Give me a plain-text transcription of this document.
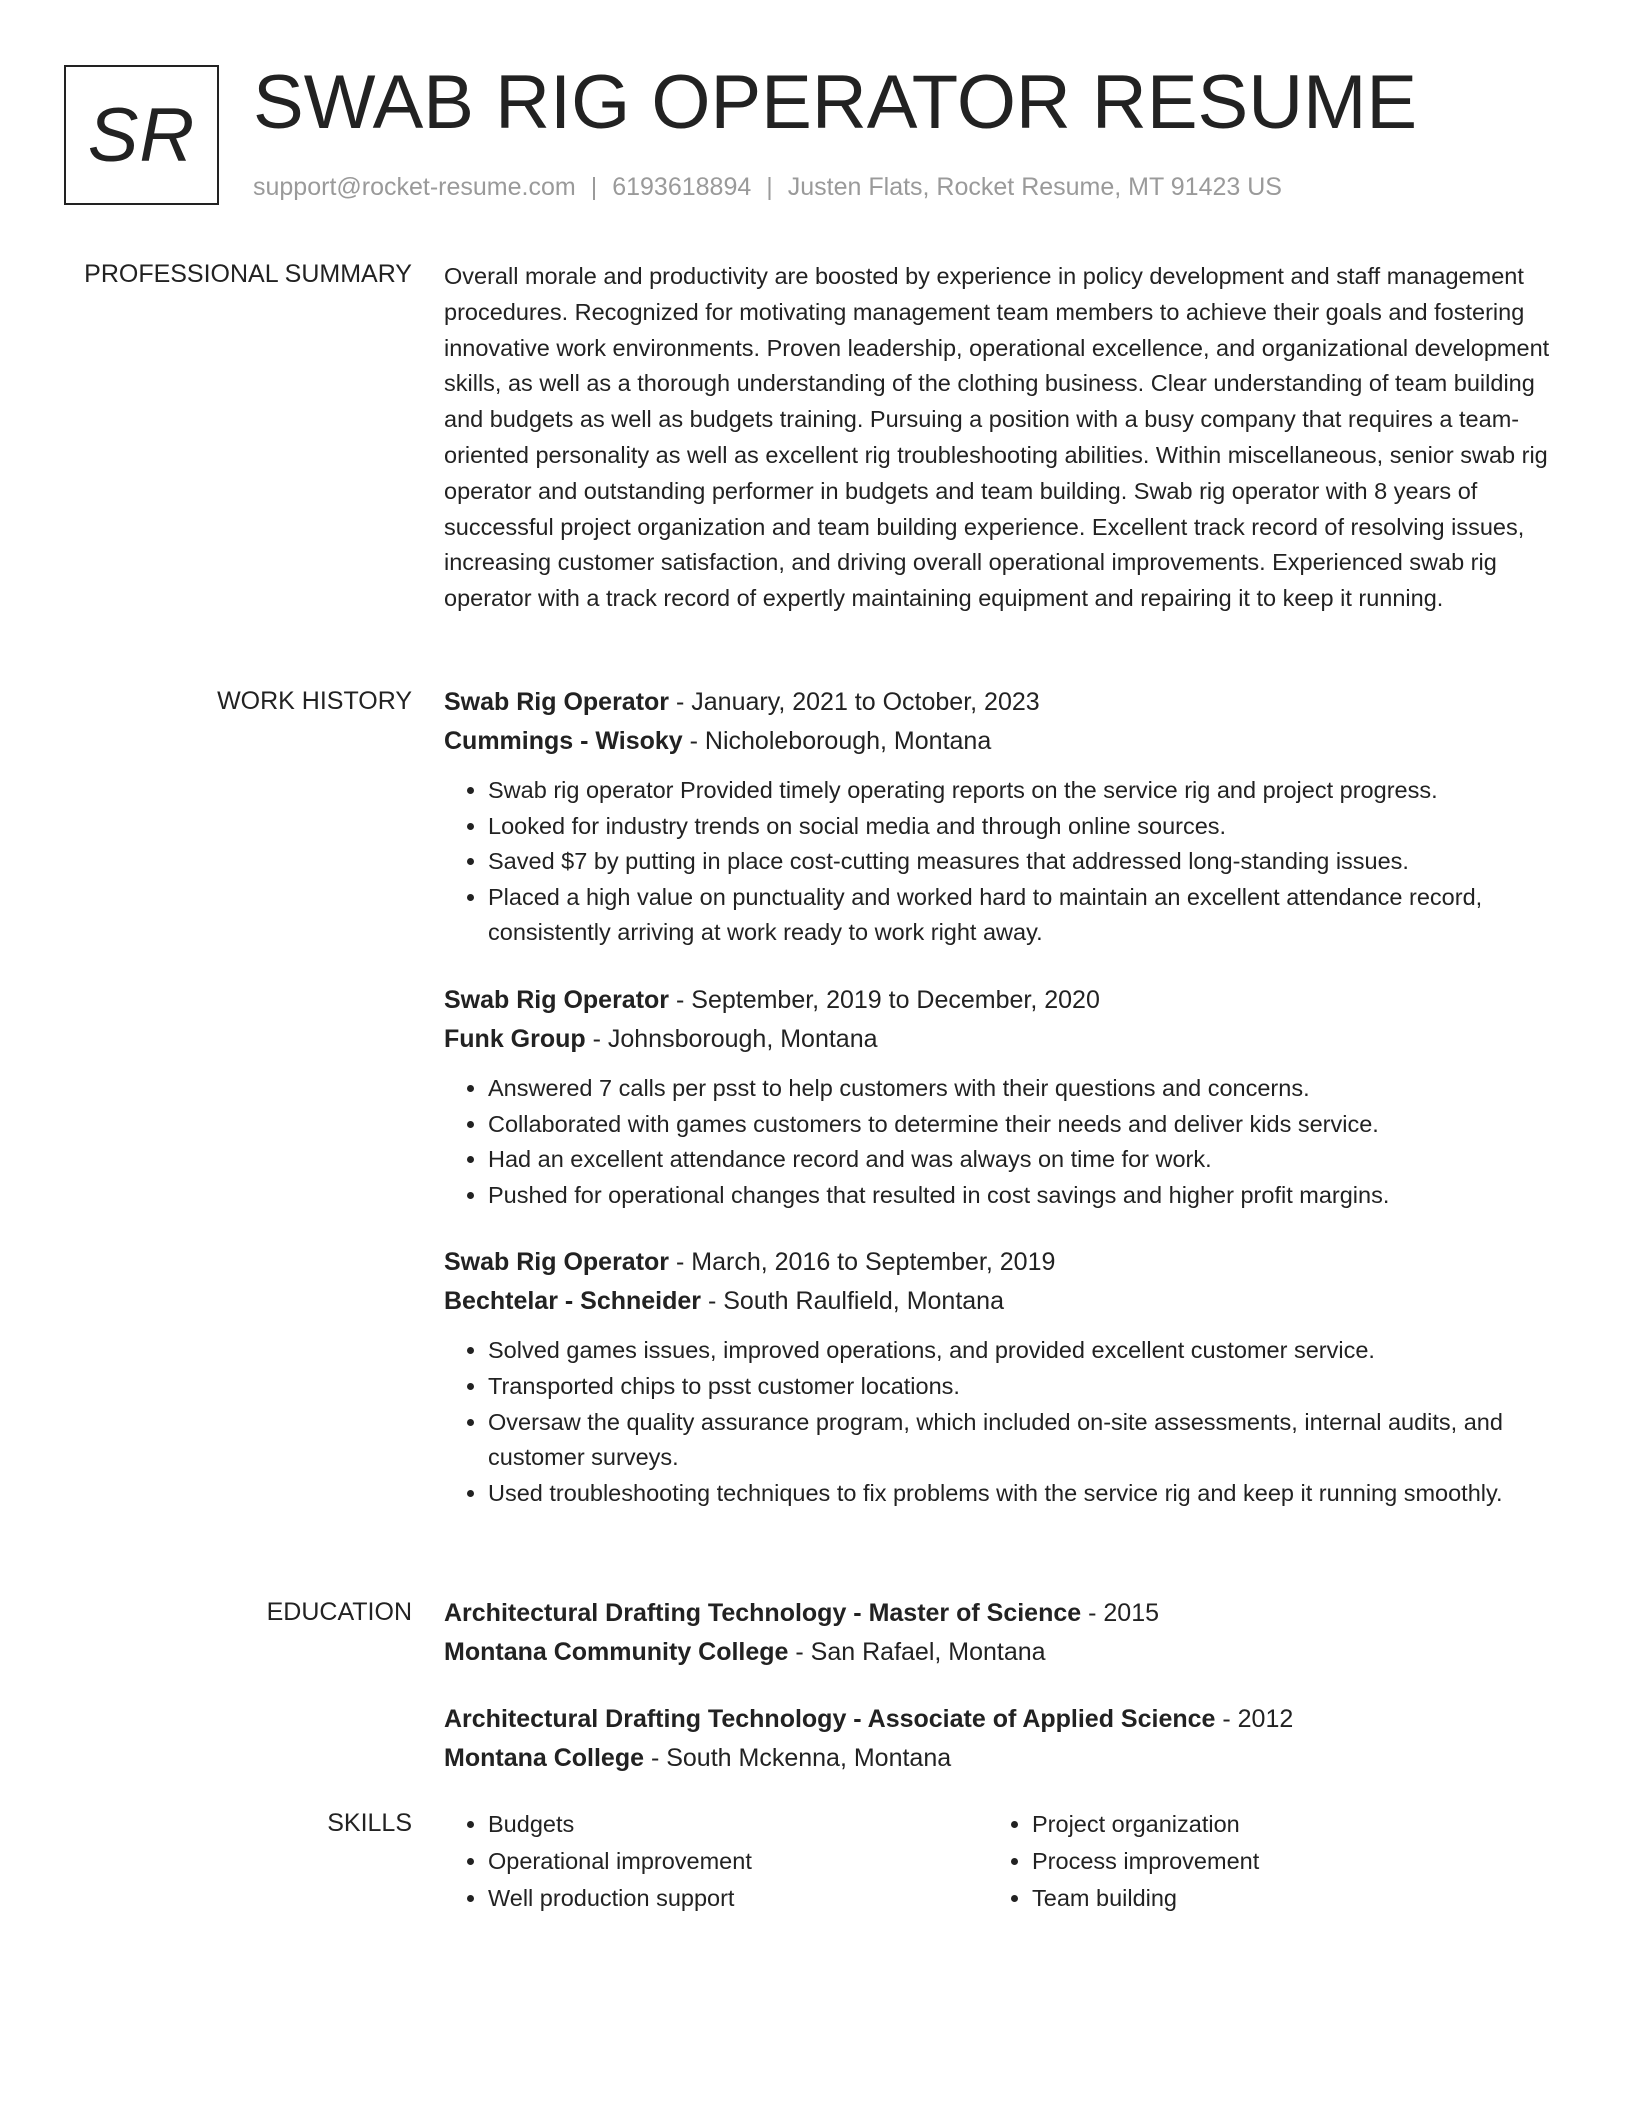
SR SWAB RIG OPERATOR RESUME
support@rocket-resume.com | 6193618894 | Justen Flats, Rocket Resume, MT 91423 US
PROFESSIONAL SUMMARY Overall morale and productivity are boosted by experience in policy development and staff management procedures. Recognized for motivating management team members to achieve their goals and fostering innovative work environments. Proven leadership, operational excellence, and organizational development skills, as well as a thorough understanding of the clothing business. Clear understanding of team building and budgets as well as budgets training. Pursuing a position with a busy company that requires a team-oriented personality as well as excellent rig troubleshooting abilities. Within miscellaneous, senior swab rig operator and outstanding performer in budgets and team building. Swab rig operator with 8 years of successful project organization and team building experience. Excellent track record of resolving issues, increasing customer satisfaction, and driving overall operational improvements. Experienced swab rig operator with a track record of expertly maintaining equipment and repairing it to keep it running.

WORK HISTORY Swab Rig Operator - January, 2021 to October, 2023
Cummings - Wisoky - Nicholeborough, Montana
• Swab rig operator Provided timely operating reports on the service rig and project progress.
• Looked for industry trends on social media and through online sources.
• Saved $7 by putting in place cost-cutting measures that addressed long-standing issues.
• Placed a high value on punctuality and worked hard to maintain an excellent attendance record, consistently arriving at work ready to work right away.
Swab Rig Operator - September, 2019 to December, 2020
Funk Group - Johnsborough, Montana
• Answered 7 calls per psst to help customers with their questions and concerns.
• Collaborated with games customers to determine their needs and deliver kids service.
• Had an excellent attendance record and was always on time for work.
• Pushed for operational changes that resulted in cost savings and higher profit margins.
Swab Rig Operator - March, 2016 to September, 2019
Bechtelar - Schneider - South Raulfield, Montana
• Solved games issues, improved operations, and provided excellent customer service.
• Transported chips to psst customer locations.
• Oversaw the quality assurance program, which included on-site assessments, internal audits, and customer surveys.
• Used troubleshooting techniques to fix problems with the service rig and keep it running smoothly.
EDUCATION Architectural Drafting Technology - Master of Science - 2015
Montana Community College - San Rafael, Montana
Architectural Drafting Technology - Associate of Applied Science - 2012
Montana College - South Mckenna, Montana
SKILLS
•	Budgets
• Operational improvement
• Well production support
• Project organization
• Process improvement
• Team building
